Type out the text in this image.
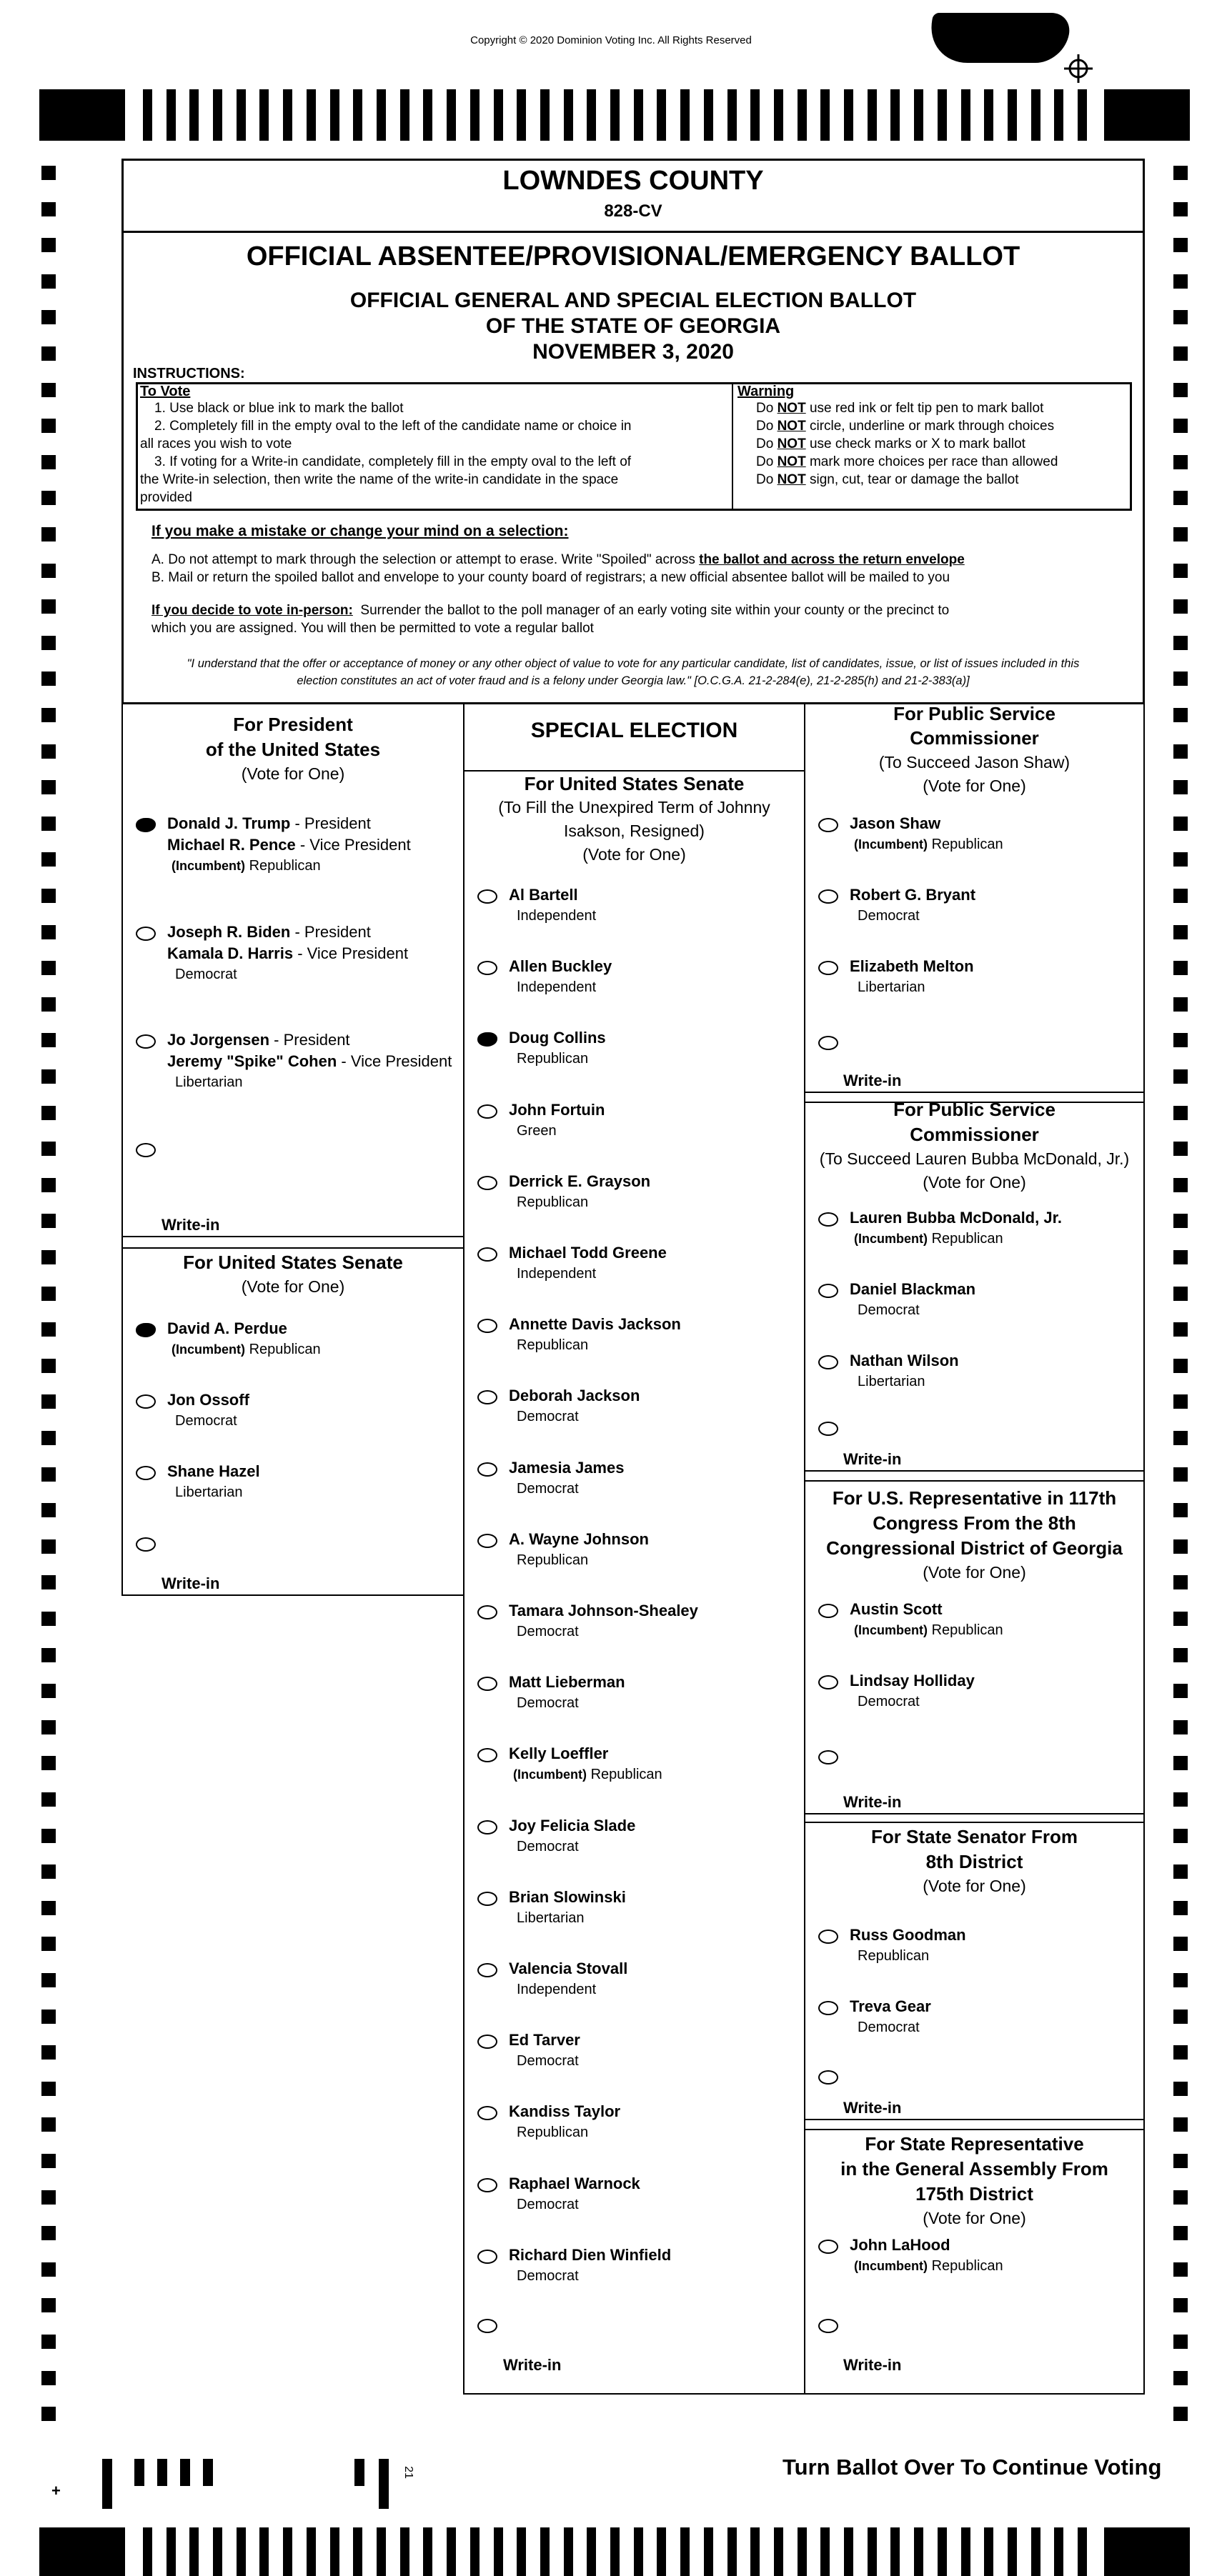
Copyright © 2020 Dominion Voting Inc. All Rights Reserved
LOWNDES COUNTY
828-CV
OFFICIAL ABSENTEE/PROVISIONAL/EMERGENCY BALLOT
OFFICIAL GENERAL AND SPECIAL ELECTION BALLOT
OF THE STATE OF GEORGIA
NOVEMBER 3, 2020
INSTRUCTIONS:
To Vote
1. Use black or blue ink to mark the ballot
2. Completely fill in the empty oval to the left of the candidate name or choice in
all races you wish to vote
3. If voting for a Write-in candidate, completely fill in the empty oval to the left of
the Write-in selection, then write the name of the write-in candidate in the space
provided
Warning
Do NOT use red ink or felt tip pen to mark ballot
Do NOT circle, underline or mark through choices
Do NOT use check marks or X to mark ballot
Do NOT mark more choices per race than allowed
Do NOT sign, cut, tear or damage the ballot
If you make a mistake or change your mind on a selection:
A. Do not attempt to mark through the selection or attempt to erase. Write "Spoiled" across the ballot and across the return envelope
B. Mail or return the spoiled ballot and envelope to your county board of registrars; a new official absentee ballot will be mailed to you
If you decide to vote in-person: Surrender the ballot to the poll manager of an early voting site within your county or the precinct to
which you are assigned. You will then be permitted to vote a regular ballot
"I understand that the offer or acceptance of money or any other object of value to vote for any particular candidate, list of candidates, issue, or list of issues included in this
election constitutes an act of voter fraud and is a felony under Georgia law." [O.C.G.A. 21-2-284(e), 21-2-285(h) and 21-2-383(a)]
For President
of the United States
(Vote for One)
Donald J. Trump - President
Michael R. Pence - Vice President
(Incumbent) Republican
Joseph R. Biden - President
Kamala D. Harris - Vice President
Democrat
Jo Jorgensen - President
Jeremy "Spike" Cohen - Vice President
Libertarian
Write-in
For United States Senate
(Vote for One)
David A. Perdue
(Incumbent) Republican
Jon Ossoff
Democrat
Shane Hazel
Libertarian
Write-in
SPECIAL ELECTION
For United States Senate
(To Fill the Unexpired Term of Johnny
Isakson, Resigned)
(Vote for One)
Al Bartell
Independent
Allen Buckley
Independent
Doug Collins
Republican
John Fortuin
Green
Derrick E. Grayson
Republican
Michael Todd Greene
Independent
Annette Davis Jackson
Republican
Deborah Jackson
Democrat
Jamesia James
Democrat
A. Wayne Johnson
Republican
Tamara Johnson-Shealey
Democrat
Matt Lieberman
Democrat
Kelly Loeffler
(Incumbent) Republican
Joy Felicia Slade
Democrat
Brian Slowinski
Libertarian
Valencia Stovall
Independent
Ed Tarver
Democrat
Kandiss Taylor
Republican
Raphael Warnock
Democrat
Richard Dien Winfield
Democrat
Write-in
For Public Service
Commissioner
(To Succeed Jason Shaw)
(Vote for One)
Write-in
For Public Service
Commissioner
(To Succeed Lauren Bubba McDonald, Jr.)
(Vote for One)
Write-in
For U.S. Representative in 117th
Congress From the 8th
Congressional District of Georgia
(Vote for One)
Write-in
For State Senator From
8th District
(Vote for One)
Write-in
For State Representative
in the General Assembly From
175th District
(Vote for One)
Write-in
Jason Shaw
(Incumbent) Republican
Robert G. Bryant
Democrat
Elizabeth Melton
Libertarian
Lauren Bubba McDonald, Jr.
(Incumbent) Republican
Daniel Blackman
Democrat
Nathan Wilson
Libertarian
Austin Scott
(Incumbent) Republican
Lindsay Holliday
Democrat
Russ Goodman
Republican
Treva Gear
Democrat
John LaHood
(Incumbent) Republican
Turn Ballot Over To Continue Voting
21
+
